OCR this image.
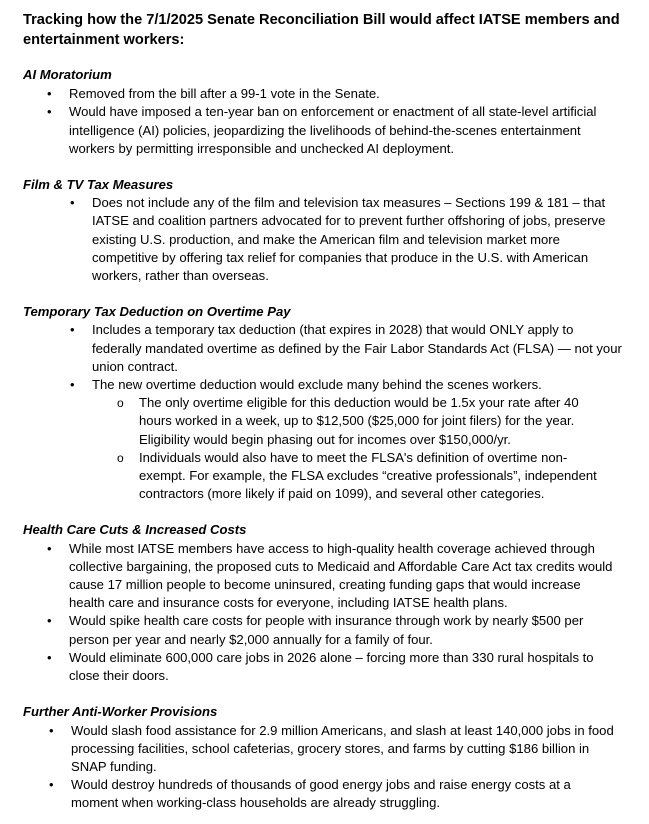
Tracking how the 7/1/2025 Senate Reconciliation Bill would affect IATSE members and entertainment workers:
AI Moratorium
• Removed from the bill after a 99-1 vote in the Senate.
• Would have imposed a ten-year ban on enforcement or enactment of all state-level artificial intelligence (AI) policies, jeopardizing the livelihoods of behind-the-scenes entertainment workers by permitting irresponsible and unchecked AI deployment.
Film & TV Tax Measures
• Does not include any of the film and television tax measures – Sections 199 & 181 – that IATSE and coalition partners advocated for to prevent further offshoring of jobs, preserve existing U.S. production, and make the American film and television market more competitive by offering tax relief for companies that produce in the U.S. with American workers, rather than overseas.
Temporary Tax Deduction on Overtime Pay
• Includes a temporary tax deduction (that expires in 2028) that would ONLY apply to federally mandated overtime as defined by the Fair Labor Standards Act (FLSA) — not your union contract.
• The new overtime deduction would exclude many behind the scenes workers.
o The only overtime eligible for this deduction would be 1.5x your rate after 40 hours worked in a week, up to $12,500 ($25,000 for joint filers) for the year. Eligibility would begin phasing out for incomes over $150,000/yr.
o Individuals would also have to meet the FLSA's definition of overtime non-exempt. For example, the FLSA excludes “creative professionals”, independent contractors (more likely if paid on 1099), and several other categories.
Health Care Cuts & Increased Costs
• While most IATSE members have access to high-quality health coverage achieved through collective bargaining, the proposed cuts to Medicaid and Affordable Care Act tax credits would cause 17 million people to become uninsured, creating funding gaps that would increase health care and insurance costs for everyone, including IATSE health plans.
• Would spike health care costs for people with insurance through work by nearly $500 per person per year and nearly $2,000 annually for a family of four.
• Would eliminate 600,000 care jobs in 2026 alone – forcing more than 330 rural hospitals to close their doors.
Further Anti-Worker Provisions
• Would slash food assistance for 2.9 million Americans, and slash at least 140,000 jobs in food processing facilities, school cafeterias, grocery stores, and farms by cutting $186 billion in SNAP funding.
• Would destroy hundreds of thousands of good energy jobs and raise energy costs at a moment when working-class households are already struggling.
